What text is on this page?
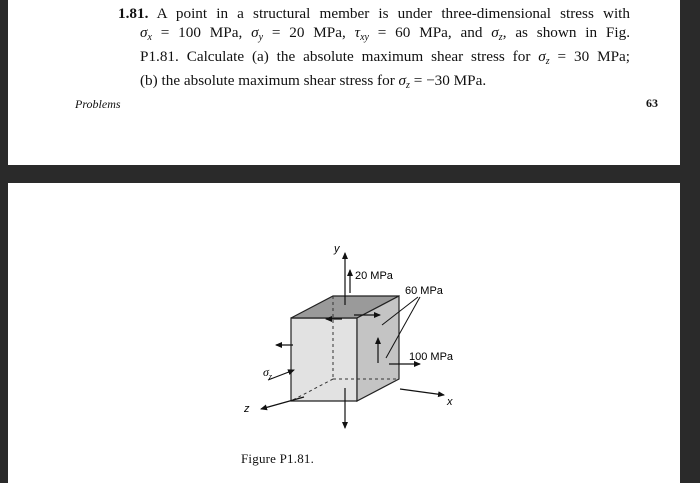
1.81. A point in a structural member is under three-dimensional stress with
$\sigma_x = 100$ MPa, $\sigma_y = 20$ MPa, $\tau_{xy} = 60$ MPa, and $\sigma_z$, as shown in Fig.
P1.81. Calculate (a) the absolute maximum shear stress for $\sigma_z = 30$ MPa;
(b) the absolute maximum shear stress for $\sigma_z = -30$ MPa.
Problems	63
y
20 MPa
60 MPa
100 MPa
x
$\sigma_z$
z
Figure P1.81.
